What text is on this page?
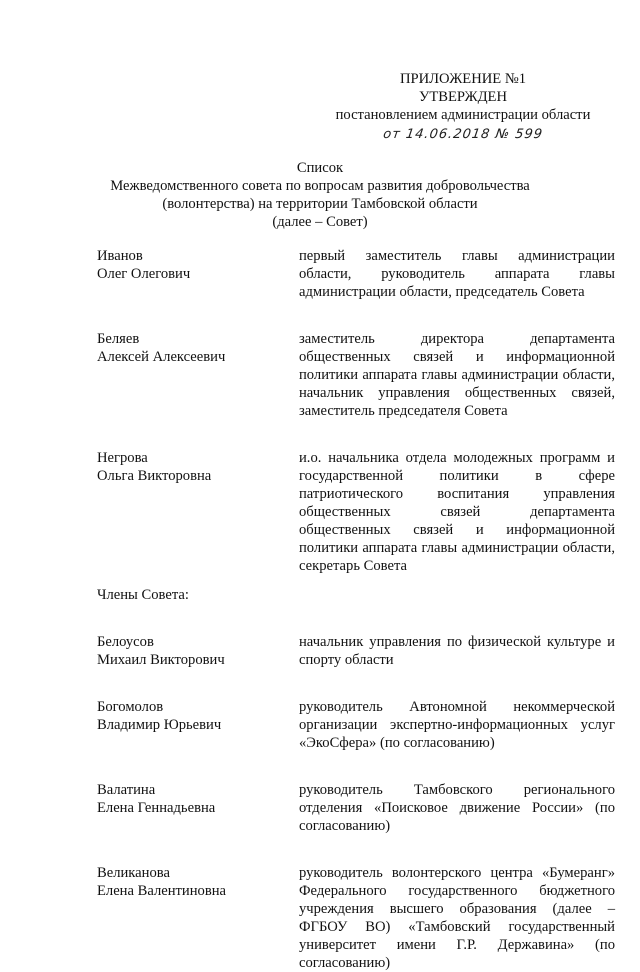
ПРИЛОЖЕНИЕ №1
УТВЕРЖДЕН
постановлением администрации области
от 14.06.2018 № 599
Список
Межведомственного совета по вопросам развития добровольчества
(волонтерства) на территории Тамбовской области
(далее – Совет)
Иванов
Олег Олегович
первый заместитель главы администрации области, руководитель аппарата главы администрации области, председатель Совета
Беляев
Алексей Алексеевич
заместитель директора департамента общественных связей и информационной политики аппарата главы администрации области, начальник управления общественных связей, заместитель председателя Совета
Негрова
Ольга Викторовна
и.о. начальника отдела молодежных программ и государственной политики в сфере патриотического воспитания управления общественных связей департамента общественных связей и информационной политики аппарата главы администрации области, секретарь Совета
Члены Совета:
Белоусов
Михаил Викторович
начальник управления по физической культуре и спорту области
Богомолов
Владимир Юрьевич
руководитель Автономной некоммерческой организации экспертно-информационных услуг «ЭкоСфера» (по согласованию)
Валатина
Елена Геннадьевна
руководитель Тамбовского регионального отделения «Поисковое движение России» (по согласованию)
Великанова
Елена Валентиновна
руководитель волонтерского центра «Бумеранг» Федерального государственного бюджетного учреждения высшего образования (далее – ФГБОУ ВО) «Тамбовский государственный университет имени Г.Р. Державина» (по согласованию)
